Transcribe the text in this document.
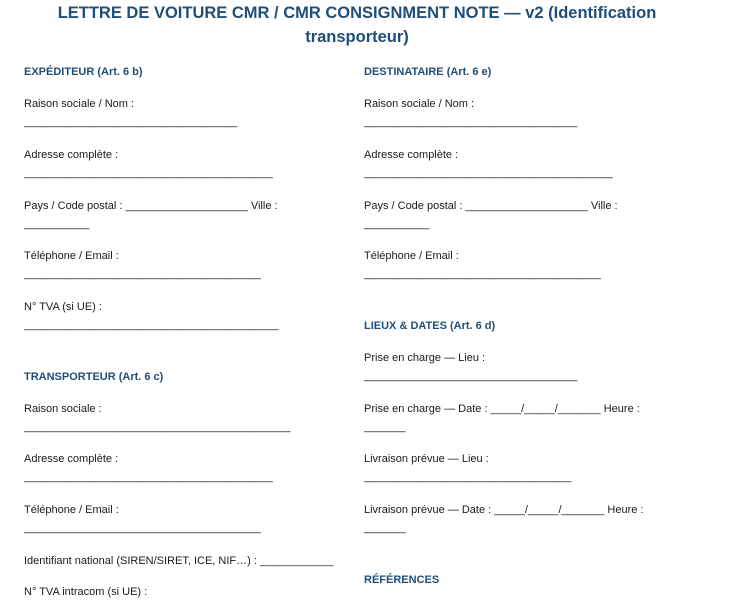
LETTRE DE VOITURE CMR / CMR CONSIGNMENT NOTE — v2 (Identification
transporteur)
EXPÉDITEUR (Art. 6 b)
Raison sociale / Nom :
____________________________________
Adresse complète :
__________________________________________
Pays / Code postal : ____________________ Ville :
___________
Téléphone / Email :
________________________________________
N° TVA (si UE) :
___________________________________________
TRANSPORTEUR (Art. 6 c)
Raison sociale :
_____________________________________________
Adresse complète :
__________________________________________
Téléphone / Email :
________________________________________
Identifiant national (SIREN/SIRET, ICE, NIF…) : ____________
N° TVA intracom (si UE) :
DESTINATAIRE (Art. 6 e)
Raison sociale / Nom :
____________________________________
Adresse complète :
__________________________________________
Pays / Code postal : ____________________ Ville :
___________
Téléphone / Email :
________________________________________
LIEUX & DATES (Art. 6 d)
Prise en charge — Lieu :
____________________________________
Prise en charge — Date : _____/_____/_______ Heure :
_______
Livraison prévue — Lieu :
___________________________________
Livraison prévue — Date : _____/_____/_______ Heure :
_______
RÉFÉRENCES
